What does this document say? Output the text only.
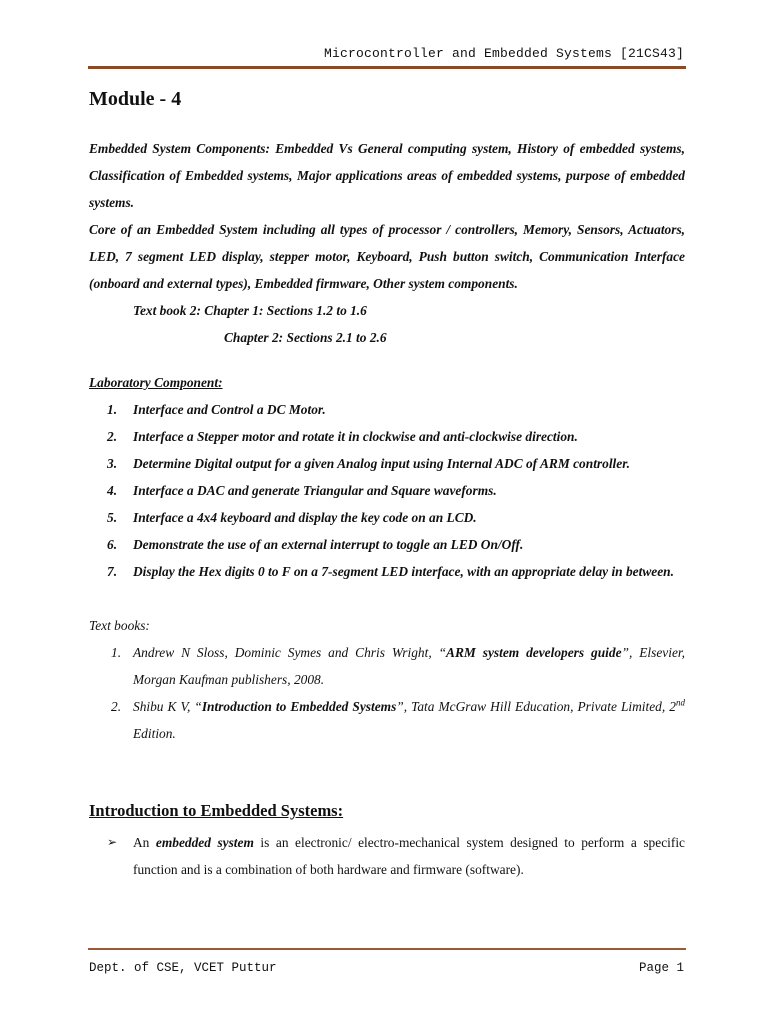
Microcontroller and Embedded Systems [21CS43]
Module - 4

Embedded System Components: Embedded Vs General computing system, History of embedded systems, Classification of Embedded systems, Major applications areas of embedded systems, purpose of embedded systems.

Core of an Embedded System including all types of processor / controllers, Memory, Sensors, Actuators, LED, 7 segment LED display, stepper motor, Keyboard, Push button switch, Communication Interface (onboard and external types), Embedded firmware, Other system components.

Text book 2: Chapter 1: Sections 1.2 to 1.6

Chapter 2: Sections 2.1 to 2.6

Laboratory Component:

1.	Interface and Control a DC Motor.
2.	Interface a Stepper motor and rotate it in clockwise and anti-clockwise direction.
3.	Determine Digital output for a given Analog input using Internal ADC of ARM controller.
4.	Interface a DAC and generate Triangular and Square waveforms.
5.	Interface a 4x4 keyboard and display the key code on an LCD.
6.	Demonstrate the use of an external interrupt to toggle an LED On/Off.
7.	Display the Hex digits 0 to F on a 7-segment LED interface, with an appropriate delay in between.

Text books:

1. Andrew N Sloss, Dominic Symes and Chris Wright, “ARM system developers guide”, Elsevier, Morgan Kaufman publishers, 2008.
2. Shibu K V, “Introduction to Embedded Systems”, Tata McGraw Hill Education, Private Limited, 2nd Edition.
Introduction to Embedded Systems:
➢	An embedded system is an electronic/ electro-mechanical system designed to perform a specific function and is a combination of both hardware and firmware (software).
Dept. of CSE, VCET Puttur	Page 1
